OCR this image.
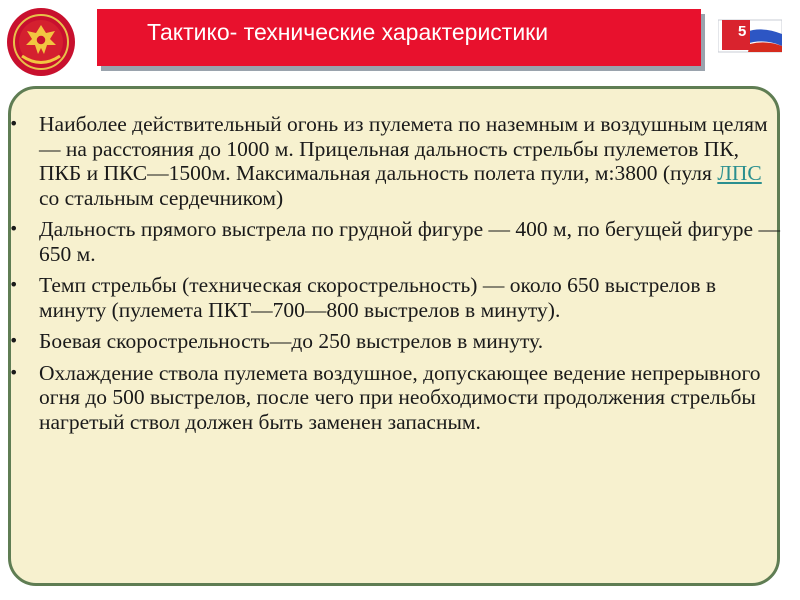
Тактико- технические характеристики	5
• Наиболее действительный огонь из пулемета по наземным и воздушным целям — на расстояния до 1000 м. Прицельная дальность стрельбы пулеметов ПК, ПКБ и ПКС—1500м. Максимальная дальность полета пули, м:3800 (пуля ЛПС со стальным сердечником)
• Дальность прямого выстрела по грудной фигуре — 400 м, по бегущей фигуре — 650 м.
• Темп стрельбы (техническая скорострельность) — около 650 выстрелов в минуту (пулемета ПКТ—700—800 выстрелов в минуту).
• Боевая скорострельность—до 250 выстрелов в минуту.
• Охлаждение ствола пулемета воздушное, допускающее ведение непрерывного огня до 500 выстрелов, после чего при необходимости продолжения стрельбы нагретый ствол должен быть заменен запасным.
